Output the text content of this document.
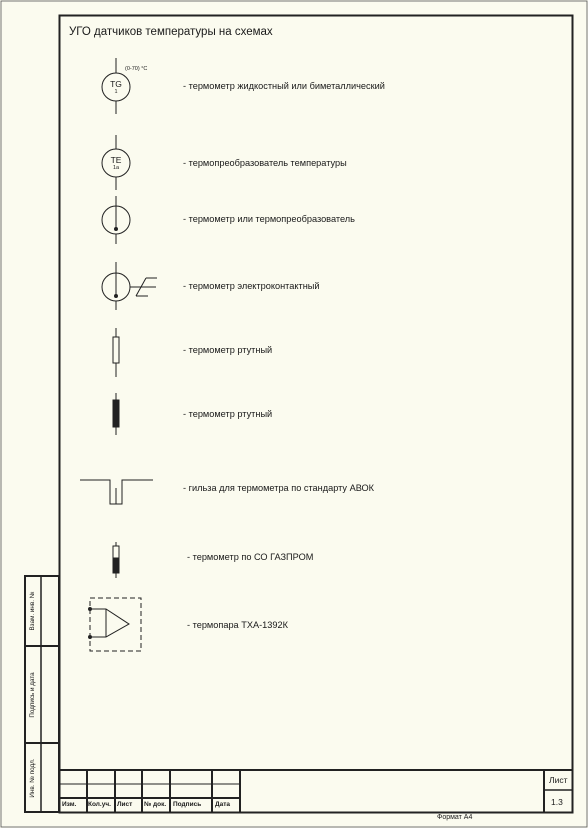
УГО датчиков температуры на схемах
TG
1
(0-70) °С
TE
1а
- термометр жидкостный или биметаллический
- термопреобразователь температуры
- термометр или термопреобразователь
- термометр электроконтактный
- термометр ртутный
- термометр ртутный
- гильза для термометра по стандарту АВОК
- термометр по СО ГАЗПРОМ
- термопара ТХА-1392К
Взам. инв. №
Подпись и дата
Инв. № подл.
Изм. Кол.уч. Лист № док. Подпись Дата
Лист
1.3
Формат А4
